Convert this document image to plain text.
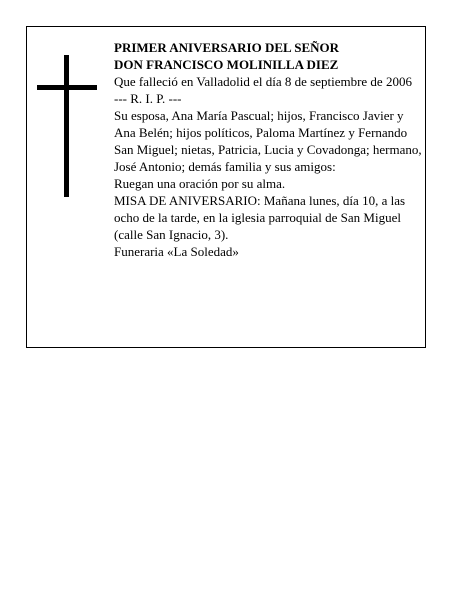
PRIMER ANIVERSARIO DEL SEÑOR

DON FRANCISCO MOLINILLA DIEZ

Que falleció en Valladolid el día 8 de septiembre de 2006

--- R. I. P. ---

Su esposa, Ana María Pascual; hijos, Francisco Javier y Ana Belén; hijos políticos, Paloma Martínez y Fernando San Miguel; nietas, Patricia, Lucia y Covadonga; hermano, José Antonio; demás familia y sus amigos:

Ruegan una oración por su alma.

MISA DE ANIVERSARIO: Mañana lunes, día 10, a las ocho de la tarde, en la iglesia parroquial de San Miguel (calle San Ignacio, 3).

Funeraria «La Soledad»
